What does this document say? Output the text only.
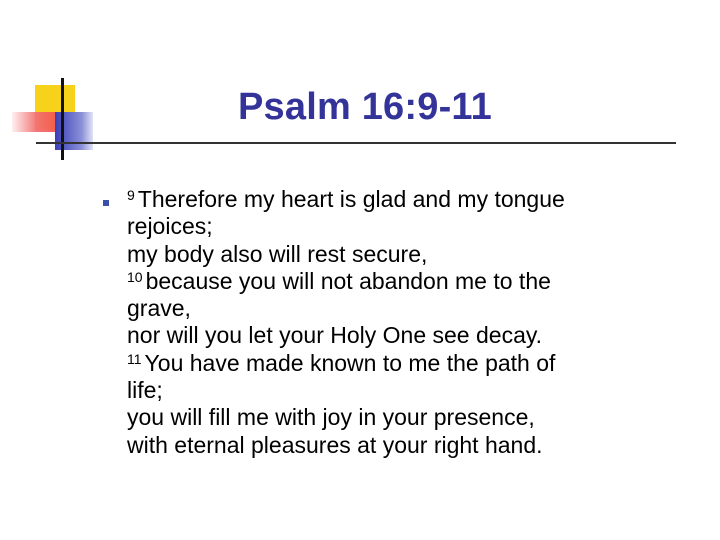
Psalm 16:9-11
$^9$ Therefore my heart is glad and my tongue
rejoices;
my body also will rest secure,
$^{10}$ because you will not abandon me to the
grave,
nor will you let your Holy One see decay.
$^{11}$ You have made known to me the path of
life;
you will fill me with joy in your presence,
with eternal pleasures at your right hand.
